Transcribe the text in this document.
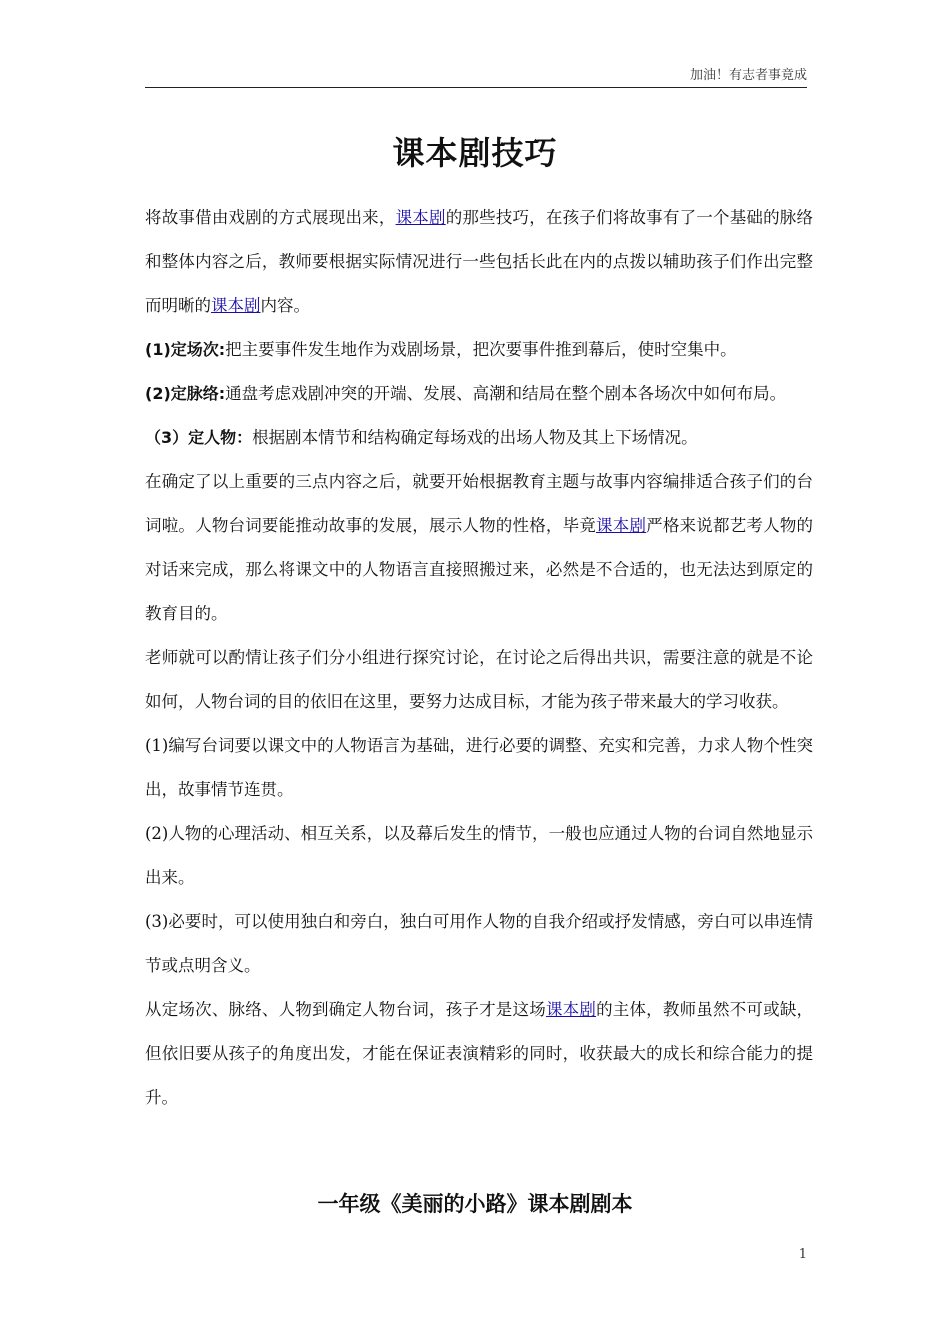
加油！有志者事竟成
课本剧技巧

将故事借由戏剧的方式展现出来，课本剧的那些技巧，在孩子们将故事有了一个基础的脉络和整体内容之后，教师要根据实际情况进行一些包括长此在内的点拨以辅助孩子们作出完整而明晰的课本剧内容。

(1)定场次:把主要事件发生地作为戏剧场景，把次要事件推到幕后，使时空集中。

(2)定脉络:通盘考虑戏剧冲突的开端、发展、高潮和结局在整个剧本各场次中如何布局。

（3）定人物：根据剧本情节和结构确定每场戏的出场人物及其上下场情况。

在确定了以上重要的三点内容之后，就要开始根据教育主题与故事内容编排适合孩子们的台词啦。人物台词要能推动故事的发展，展示人物的性格，毕竟课本剧严格来说都艺考人物的对话来完成，那么将课文中的人物语言直接照搬过来，必然是不合适的，也无法达到原定的教育目的。

老师就可以酌情让孩子们分小组进行探究讨论，在讨论之后得出共识，需要注意的就是不论如何，人物台词的目的依旧在这里，要努力达成目标，才能为孩子带来最大的学习收获。

(1)编写台词要以课文中的人物语言为基础，进行必要的调整、充实和完善，力求人物个性突出，故事情节连贯。

(2)人物的心理活动、相互关系，以及幕后发生的情节，一般也应通过人物的台词自然地显示出来。

(3)必要时，可以使用独白和旁白，独白可用作人物的自我介绍或抒发情感，旁白可以串连情节或点明含义。

从定场次、脉络、人物到确定人物台词，孩子才是这场课本剧的主体，教师虽然不可或缺，但依旧要从孩子的角度出发，才能在保证表演精彩的同时，收获最大的成长和综合能力的提升。

一年级《美丽的小路》课本剧剧本
1
